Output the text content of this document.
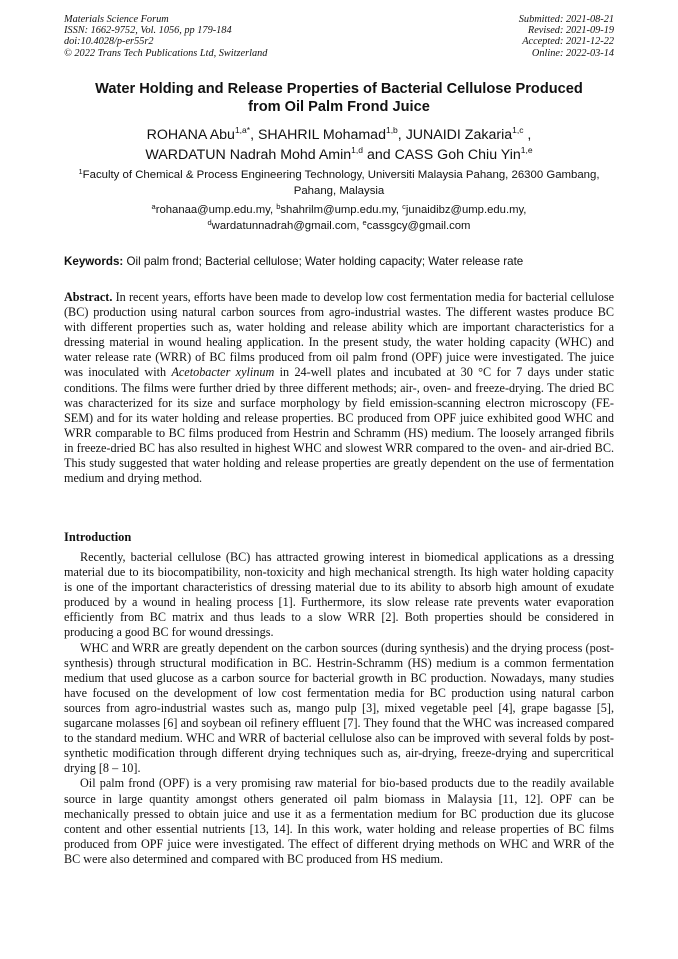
Materials Science Forum
ISSN: 1662-9752, Vol. 1056, pp 179-184
doi:10.4028/p-er55r2
© 2022 Trans Tech Publications Ltd, Switzerland
Submitted: 2021-08-21
Revised: 2021-09-19
Accepted: 2021-12-22
Online: 2022-03-14
Water Holding and Release Properties of Bacterial Cellulose Produced
from Oil Palm Frond Juice
ROHANA Abu$^{1,a*}$, SHAHRIL Mohamad$^{1,b}$, JUNAIDI Zakaria$^{1,c}$ ,
WARDATUN Nadrah Mohd Amin$^{1,d}$ and CASS Goh Chiu Yin$^{1,e}$
$^1$Faculty of Chemical & Process Engineering Technology, Universiti Malaysia Pahang, 26300 Gambang, Pahang, Malaysia
$^a$rohanaa@ump.edu.my, $^b$shahrilm@ump.edu.my, $^c$junaidibz@ump.edu.my,
$^d$wardatunnadrah@gmail.com, $^e$cassgcy@gmail.com
Keywords: Oil palm frond; Bacterial cellulose; Water holding capacity; Water release rate

Abstract. In recent years, efforts have been made to develop low cost fermentation media for bacterial cellulose (BC) production using natural carbon sources from agro-industrial wastes. The different wastes produce BC with different properties such as, water holding and release ability which are important characteristics for a dressing material in wound healing application. In the present study, the water holding capacity (WHC) and water release rate (WRR) of BC films produced from oil palm frond (OPF) juice were investigated. The juice was inoculated with Acetobacter xylinum in 24-well plates and incubated at 30 °C for 7 days under static conditions. The films were further dried by three different methods; air-, oven- and freeze-drying. The dried BC was characterized for its size and surface morphology by field emission-scanning electron microscopy (FE-SEM) and for its water holding and release properties. BC produced from OPF juice exhibited good WHC and WRR comparable to BC films produced from Hestrin and Schramm (HS) medium. The loosely arranged fibrils in freeze-dried BC has also resulted in highest WHC and slowest WRR compared to the oven- and air-dried BC. This study suggested that water holding and release properties are greatly dependent on the use of fermentation medium and drying method.

Introduction

Recently, bacterial cellulose (BC) has attracted growing interest in biomedical applications as a dressing material due to its biocompatibility, non-toxicity and high mechanical strength. Its high water holding capacity is one of the important characteristics of dressing material due to its ability to absorb high amount of exudate produced by a wound in healing process [1]. Furthermore, its slow release rate prevents water evaporation efficiently from BC matrix and thus leads to a slow WRR [2]. Both properties should be considered in producing a good BC for wound dressings.

WHC and WRR are greatly dependent on the carbon sources (during synthesis) and the drying process (post-synthesis) through structural modification in BC. Hestrin-Schramm (HS) medium is a common fermentation medium that used glucose as a carbon source for bacterial growth in BC production. Nowadays, many studies have focused on the development of low cost fermentation media for BC production using natural carbon sources from agro-industrial wastes such as, mango pulp [3], mixed vegetable peel [4], grape bagasse [5], sugarcane molasses [6] and soybean oil refinery effluent [7]. They found that the WHC was increased compared to the standard medium. WHC and WRR of bacterial cellulose also can be improved with several folds by post-synthetic modification through different drying techniques such as, air-drying, freeze-drying and supercritical drying [8 – 10].

Oil palm frond (OPF) is a very promising raw material for bio-based products due to the readily available source in large quantity amongst others generated oil palm biomass in Malaysia [11, 12]. OPF can be mechanically pressed to obtain juice and use it as a fermentation medium for BC production due its glucose content and other essential nutrients [13, 14]. In this work, water holding and release properties of BC films produced from OPF juice were investigated. The effect of different drying methods on WHC and WRR of the BC were also determined and compared with BC produced from HS medium.
